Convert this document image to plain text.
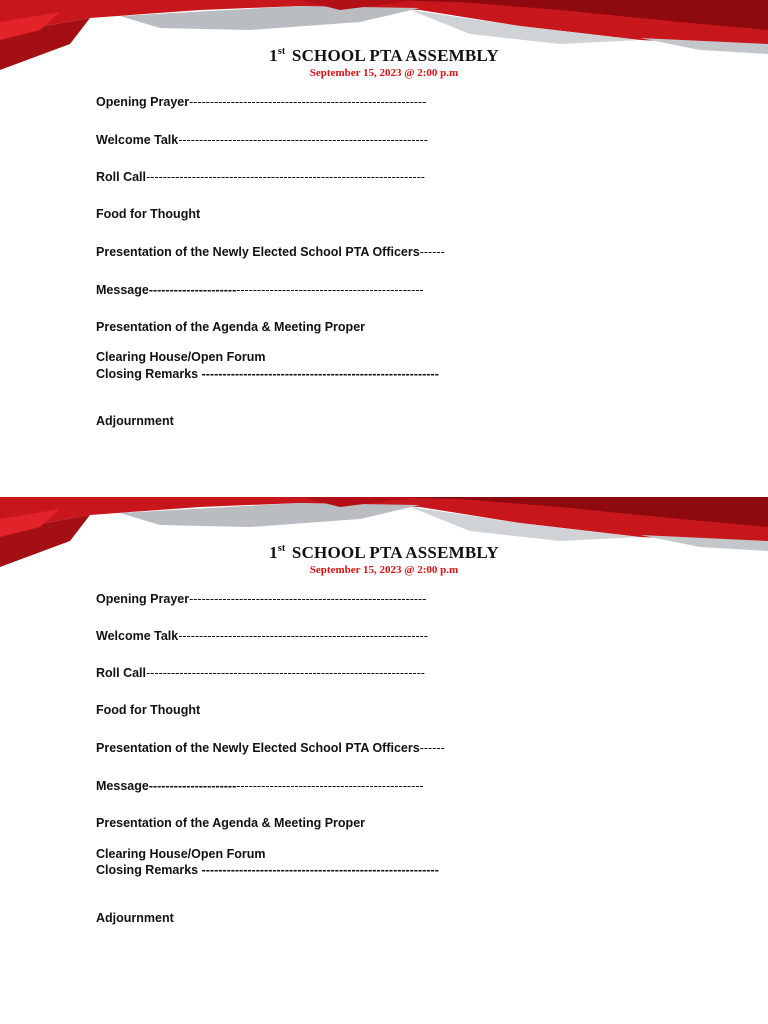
1st SCHOOL PTA ASSEMBLY
September 15, 2023 @ 2:00 p.m
Opening Prayer---------------------------------------------------------
Welcome Talk------------------------------------------------------------
Roll Call-------------------------------------------------------------------
Food for Thought
Presentation of the Newly Elected School PTA Officers------
Message------------------------------------------------------------------
Presentation of the Agenda & Meeting Proper
Clearing House/Open Forum
Closing Remarks ---------------------------------------------------------
Adjournment
1st SCHOOL PTA ASSEMBLY
September 15, 2023 @ 2:00 p.m
Opening Prayer---------------------------------------------------------
Welcome Talk------------------------------------------------------------
Roll Call-------------------------------------------------------------------
Food for Thought
Presentation of the Newly Elected School PTA Officers------
Message------------------------------------------------------------------
Presentation of the Agenda & Meeting Proper
Clearing House/Open Forum
Closing Remarks ---------------------------------------------------------
Adjournment
